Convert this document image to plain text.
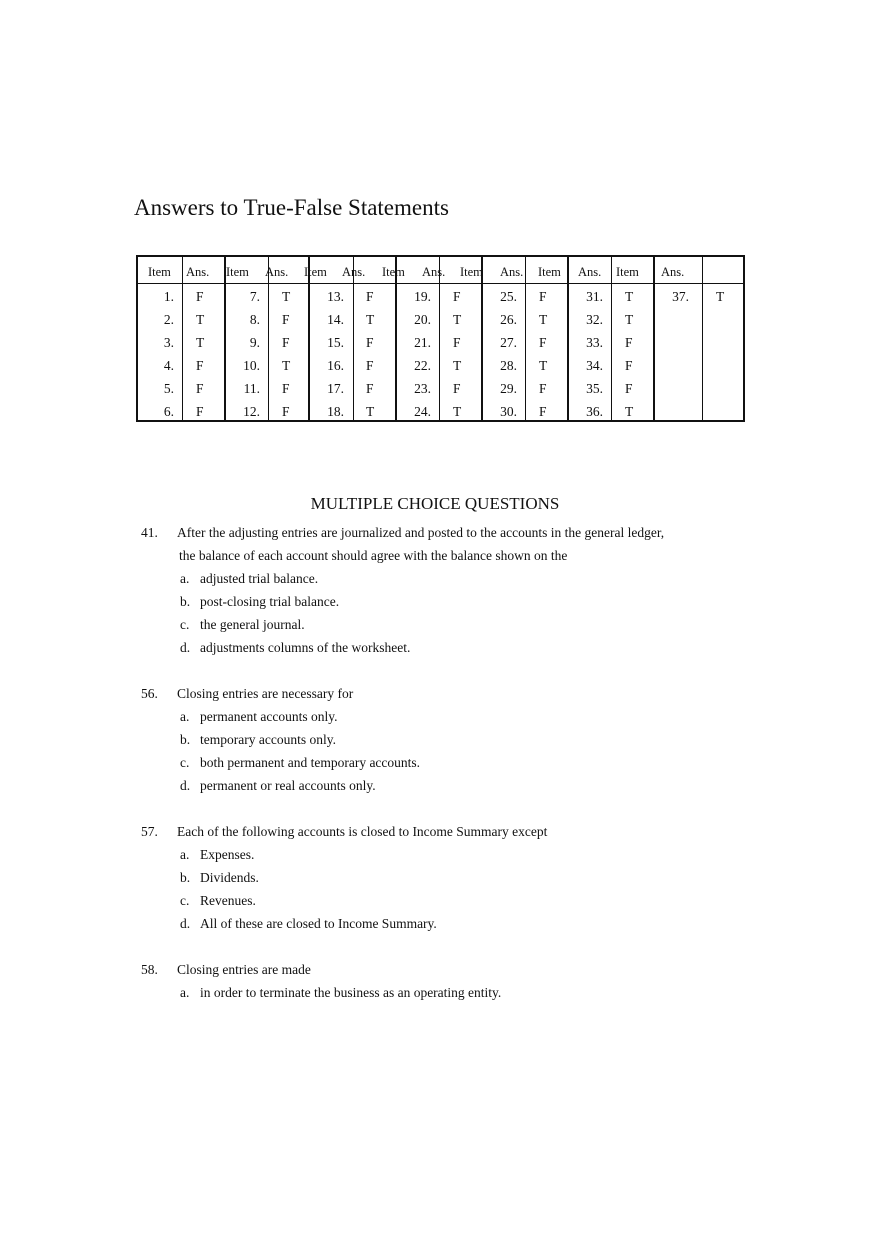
Answers to True-False Statements
Item Ans. Item Ans. Item Ans. Item Ans. Item Ans. Item Ans. Item Ans.
1. F
2. T
3. T
4. F
5. F
6. F
7. T
8. F
9. F
10. T
11. F
12. F
13. F
14. T
15. F
16. F
17. F
18. T
19. F
20. T
21. F
22. T
23. F
24. T
25. F
26. T
27. F
28. T
29. F
30. F
31. T
32. T
33. F
34. F
35. F
36. T
37. T
MULTIPLE CHOICE QUESTIONS
41. After the adjusting entries are journalized and posted to the accounts in the general ledger,
the balance of each account should agree with the balance shown on the
a. adjusted trial balance.
b. post-closing trial balance.
c. the general journal.
d. adjustments columns of the worksheet.
56. Closing entries are necessary for
a. permanent accounts only.
b. temporary accounts only.
c. both permanent and temporary accounts.
d. permanent or real accounts only.
57. Each of the following accounts is closed to Income Summary except
a. Expenses.
b. Dividends.
c. Revenues.
d. All of these are closed to Income Summary.
58. Closing entries are made
a. in order to terminate the business as an operating entity.
